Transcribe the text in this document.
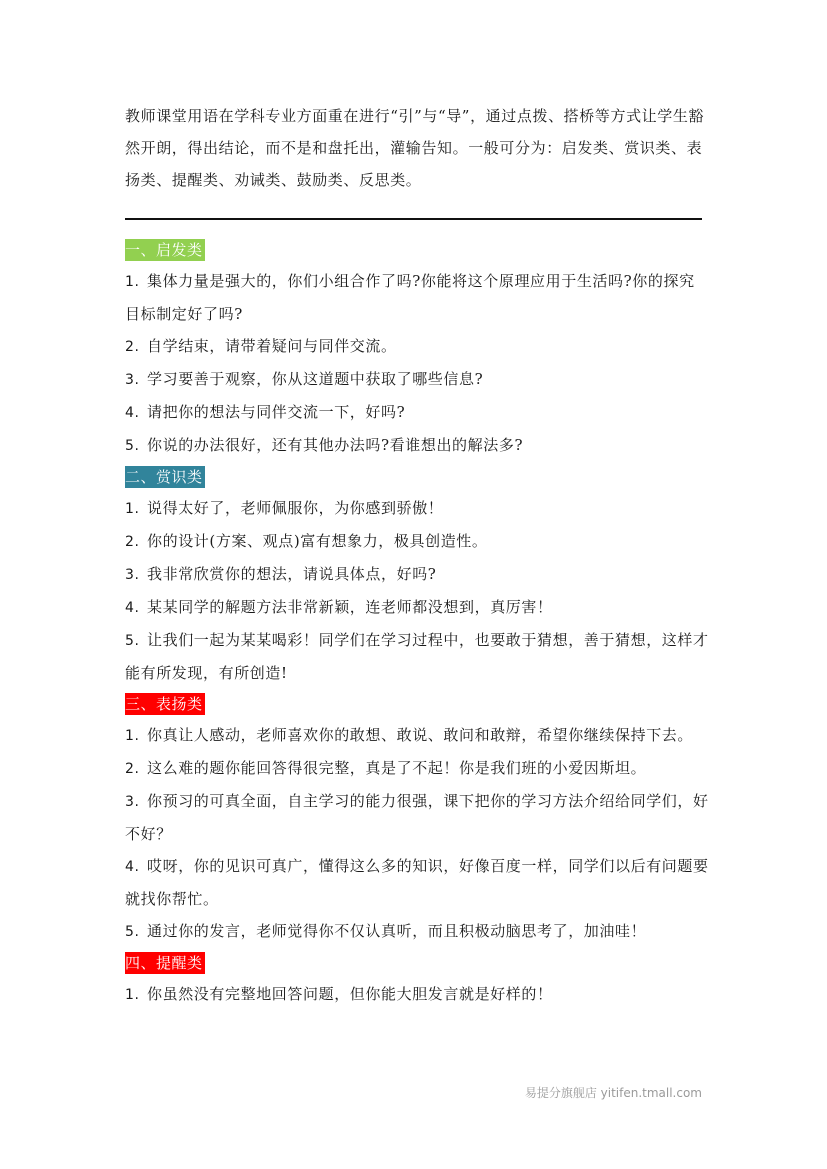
教师课堂用语在学科专业方面重在进行“引”与“导”，通过点拨、搭桥等方式让学生豁然开朗，得出结论，而不是和盘托出，灌输告知。一般可分为：启发类、赏识类、表扬类、提醒类、劝诫类、鼓励类、反思类。

一、启发类

1. 集体力量是强大的，你们小组合作了吗?你能将这个原理应用于生活吗?你的探究目标制定好了吗?

2. 自学结束，请带着疑问与同伴交流。

3. 学习要善于观察，你从这道题中获取了哪些信息?

4. 请把你的想法与同伴交流一下，好吗?

5. 你说的办法很好，还有其他办法吗?看谁想出的解法多?

二、赏识类

1. 说得太好了，老师佩服你，为你感到骄傲！

2. 你的设计(方案、观点)富有想象力，极具创造性。

3. 我非常欣赏你的想法，请说具体点，好吗?

4. 某某同学的解题方法非常新颖，连老师都没想到，真厉害！

5. 让我们一起为某某喝彩！同学们在学习过程中，也要敢于猜想，善于猜想，这样才能有所发现，有所创造!

三、表扬类

1. 你真让人感动，老师喜欢你的敢想、敢说、敢问和敢辩，希望你继续保持下去。

2. 这么难的题你能回答得很完整，真是了不起！你是我们班的小爱因斯坦。

3. 你预习的可真全面，自主学习的能力很强，课下把你的学习方法介绍给同学们，好不好？

4. 哎呀，你的见识可真广，懂得这么多的知识，好像百度一样，同学们以后有问题要就找你帮忙。

5. 通过你的发言，老师觉得你不仅认真听，而且积极动脑思考了，加油哇！

四、提醒类

1. 你虽然没有完整地回答问题，但你能大胆发言就是好样的！

易提分旗舰店 yitifen.tmall.com
